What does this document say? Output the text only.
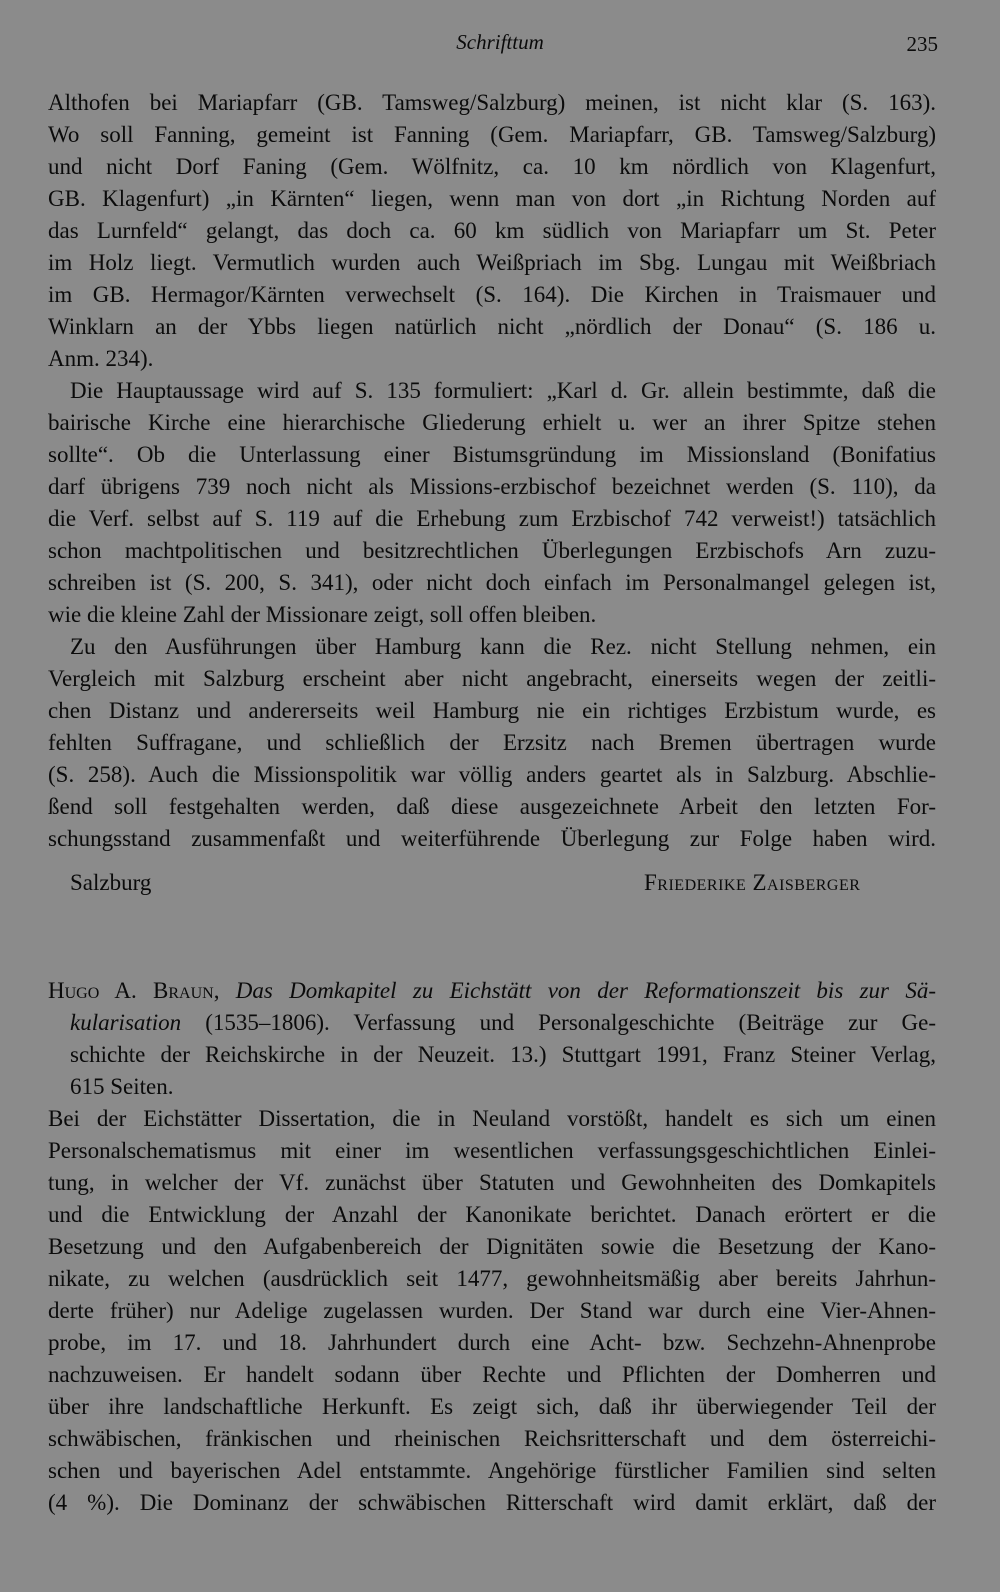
Schrifttum	235
Althofen bei Mariapfarr (GB. Tamsweg/Salzburg) meinen, ist nicht klar (S. 163).
Wo soll Fanning, gemeint ist Fanning (Gem. Mariapfarr, GB. Tamsweg/Salzburg)
und nicht Dorf Faning (Gem. Wölfnitz, ca. 10 km nördlich von Klagenfurt,
GB. Klagenfurt) „in Kärnten“ liegen, wenn man von dort „in Richtung Norden auf
das Lurnfeld“ gelangt, das doch ca. 60 km südlich von Mariapfarr um St. Peter
im Holz liegt. Vermutlich wurden auch Weißpriach im Sbg. Lungau mit Weißbriach
im GB. Hermagor/Kärnten verwechselt (S. 164). Die Kirchen in Traismauer und
Winklarn an der Ybbs liegen natürlich nicht „nördlich der Donau“ (S. 186 u.
Anm. 234).
Die Hauptaussage wird auf S. 135 formuliert: „Karl d. Gr. allein bestimmte, daß die
bairische Kirche eine hierarchische Gliederung erhielt u. wer an ihrer Spitze stehen
sollte“. Ob die Unterlassung einer Bistumsgründung im Missionsland (Bonifatius
darf übrigens 739 noch nicht als Missions-erzbischof bezeichnet werden (S. 110), da
die Verf. selbst auf S. 119 auf die Erhebung zum Erzbischof 742 verweist!) tatsächlich
schon machtpolitischen und besitzrechtlichen Überlegungen Erzbischofs Arn zuzu-
schreiben ist (S. 200, S. 341), oder nicht doch einfach im Personalmangel gelegen ist,
wie die kleine Zahl der Missionare zeigt, soll offen bleiben.
Zu den Ausführungen über Hamburg kann die Rez. nicht Stellung nehmen, ein
Vergleich mit Salzburg erscheint aber nicht angebracht, einerseits wegen der zeitli-
chen Distanz und andererseits weil Hamburg nie ein richtiges Erzbistum wurde, es
fehlten Suffragane, und schließlich der Erzsitz nach Bremen übertragen wurde
(S. 258). Auch die Missionspolitik war völlig anders geartet als in Salzburg. Abschlie-
ßend soll festgehalten werden, daß diese ausgezeichnete Arbeit den letzten For-
schungsstand zusammenfaßt und weiterführende Überlegung zur Folge haben wird.
Salzburg	Friederike Zaisberger
Hugo A. Braun, Das Domkapitel zu Eichstätt von der Reformationszeit bis zur Sä-
kularisation (1535–1806). Verfassung und Personalgeschichte (Beiträge zur Ge-
schichte der Reichskirche in der Neuzeit. 13.) Stuttgart 1991, Franz Steiner Verlag,
615 Seiten.
Bei der Eichstätter Dissertation, die in Neuland vorstößt, handelt es sich um einen
Personalschematismus mit einer im wesentlichen verfassungsgeschichtlichen Einlei-
tung, in welcher der Vf. zunächst über Statuten und Gewohnheiten des Domkapitels
und die Entwicklung der Anzahl der Kanonikate berichtet. Danach erörtert er die
Besetzung und den Aufgabenbereich der Dignitäten sowie die Besetzung der Kano-
nikate, zu welchen (ausdrücklich seit 1477, gewohnheitsmäßig aber bereits Jahrhun-
derte früher) nur Adelige zugelassen wurden. Der Stand war durch eine Vier-Ahnen-
probe, im 17. und 18. Jahrhundert durch eine Acht- bzw. Sechzehn-Ahnenprobe
nachzuweisen. Er handelt sodann über Rechte und Pflichten der Domherren und
über ihre landschaftliche Herkunft. Es zeigt sich, daß ihr überwiegender Teil der
schwäbischen, fränkischen und rheinischen Reichsritterschaft und dem österreichi-
schen und bayerischen Adel entstammte. Angehörige fürstlicher Familien sind selten
(4 %). Die Dominanz der schwäbischen Ritterschaft wird damit erklärt, daß der
